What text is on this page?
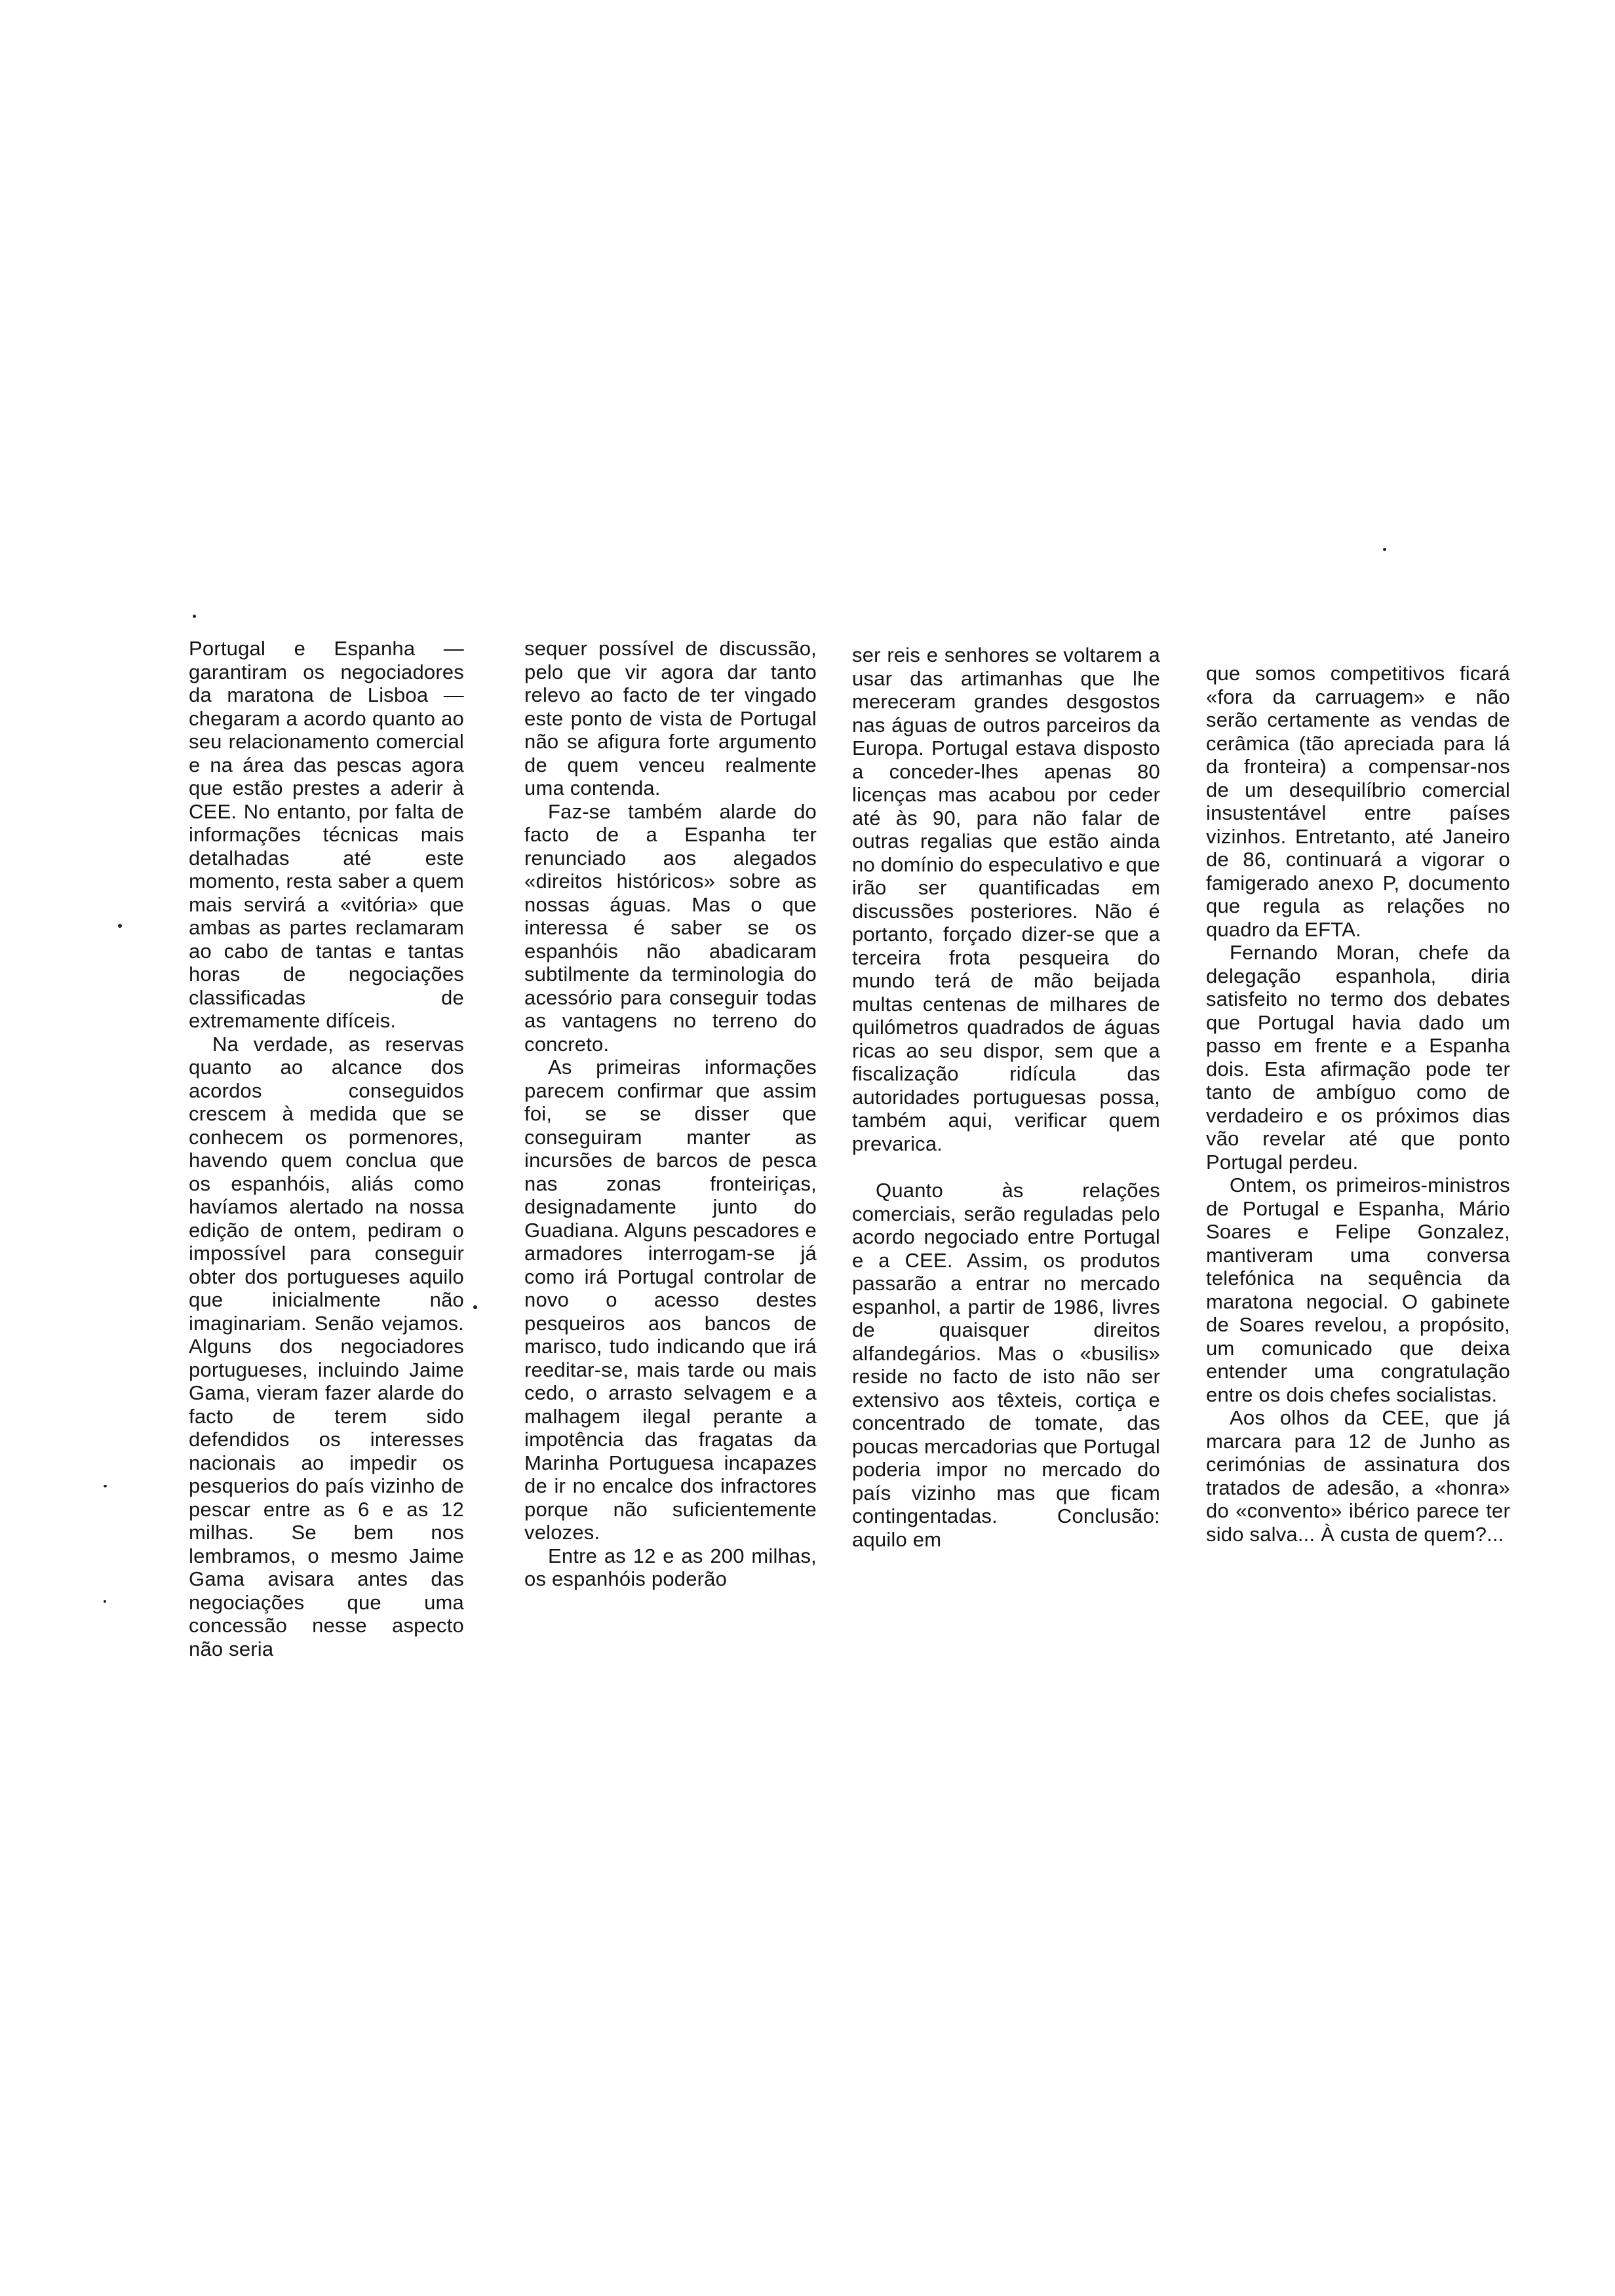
Portugal e Espanha — garantiram os negociadores da maratona de Lisboa — chegaram a acordo quanto ao seu relacionamento comercial e na área das pescas agora que estão prestes a aderir à CEE. No entanto, por falta de informações técnicas mais detalhadas até este momento, resta saber a quem mais servirá a «vitória» que ambas as partes reclamaram ao cabo de tantas e tantas horas de negociações classificadas de extremamente difíceis.

Na verdade, as reservas quanto ao alcance dos acordos conseguidos crescem à medida que se conhecem os pormenores, havendo quem conclua que os espanhóis, aliás como havíamos alertado na nossa edição de ontem, pediram o impossível para conseguir obter dos portugueses aquilo que inicialmente não imaginariam. Senão vejamos. Alguns dos negociadores portugueses, incluindo Jaime Gama, vieram fazer alarde do facto de terem sido defendidos os interesses nacionais ao impedir os pesquerios do país vizinho de pescar entre as 6 e as 12 milhas. Se bem nos lembramos, o mesmo Jaime Gama avisara antes das negociações que uma concessão nesse aspecto não seria

sequer possível de discussão, pelo que vir agora dar tanto relevo ao facto de ter vingado este ponto de vista de Portugal não se afigura forte argumento de quem venceu realmente uma contenda.

Faz-se também alarde do facto de a Espanha ter renunciado aos alegados «direitos históricos» sobre as nossas águas. Mas o que interessa é saber se os espanhóis não abadicaram subtilmente da terminologia do acessório para conseguir todas as vantagens no terreno do concreto.

As primeiras informações parecem confirmar que assim foi, se se disser que conseguiram manter as incursões de barcos de pesca nas zonas fronteiriças, designadamente junto do Guadiana. Alguns pescadores e armadores interrogam-se já como irá Portugal controlar de novo o acesso destes pesqueiros aos bancos de marisco, tudo indicando que irá reeditar-se, mais tarde ou mais cedo, o arrasto selvagem e a malhagem ilegal perante a impotência das fragatas da Marinha Portuguesa incapazes de ir no encalce dos infractores porque não suficientemente velozes.

Entre as 12 e as 200 milhas, os espanhóis poderão

ser reis e senhores se voltarem a usar das artimanhas que lhe mereceram grandes desgostos nas águas de outros parceiros da Europa. Portugal estava disposto a conceder-lhes apenas 80 licenças mas acabou por ceder até às 90, para não falar de outras regalias que estão ainda no domínio do especulativo e que irão ser quantificadas em discussões posteriores. Não é portanto, forçado dizer-se que a terceira frota pesqueira do mundo terá de mão beijada multas centenas de milhares de quilómetros quadrados de águas ricas ao seu dispor, sem que a fiscalização ridícula das autoridades portuguesas possa, também aqui, verificar quem prevarica.

Quanto às relações comerciais, serão reguladas pelo acordo negociado entre Portugal e a CEE. Assim, os produtos passarão a entrar no mercado espanhol, a partir de 1986, livres de quaisquer direitos alfandegários. Mas o «busilis» reside no facto de isto não ser extensivo aos têxteis, cortiça e concentrado de tomate, das poucas mercadorias que Portugal poderia impor no mercado do país vizinho mas que ficam contingentadas. Conclusão: aquilo em

que somos competitivos ficará «fora da carruagem» e não serão certamente as vendas de cerâmica (tão apreciada para lá da fronteira) a compensar-nos de um desequilíbrio comercial insustentável entre países vizinhos. Entretanto, até Janeiro de 86, continuará a vigorar o famigerado anexo P, documento que regula as relações no quadro da EFTA.

Fernando Moran, chefe da delegação espanhola, diria satisfeito no termo dos debates que Portugal havia dado um passo em frente e a Espanha dois. Esta afirmação pode ter tanto de ambíguo como de verdadeiro e os próximos dias vão revelar até que ponto Portugal perdeu.

Ontem, os primeiros-ministros de Portugal e Espanha, Mário Soares e Felipe Gonzalez, mantiveram uma conversa telefónica na sequência da maratona negocial. O gabinete de Soares revelou, a propósito, um comunicado que deixa entender uma congratulação entre os dois chefes socialistas.

Aos olhos da CEE, que já marcara para 12 de Junho as cerimónias de assinatura dos tratados de adesão, a «honra» do «convento» ibérico parece ter sido salva... À custa de quem?...
